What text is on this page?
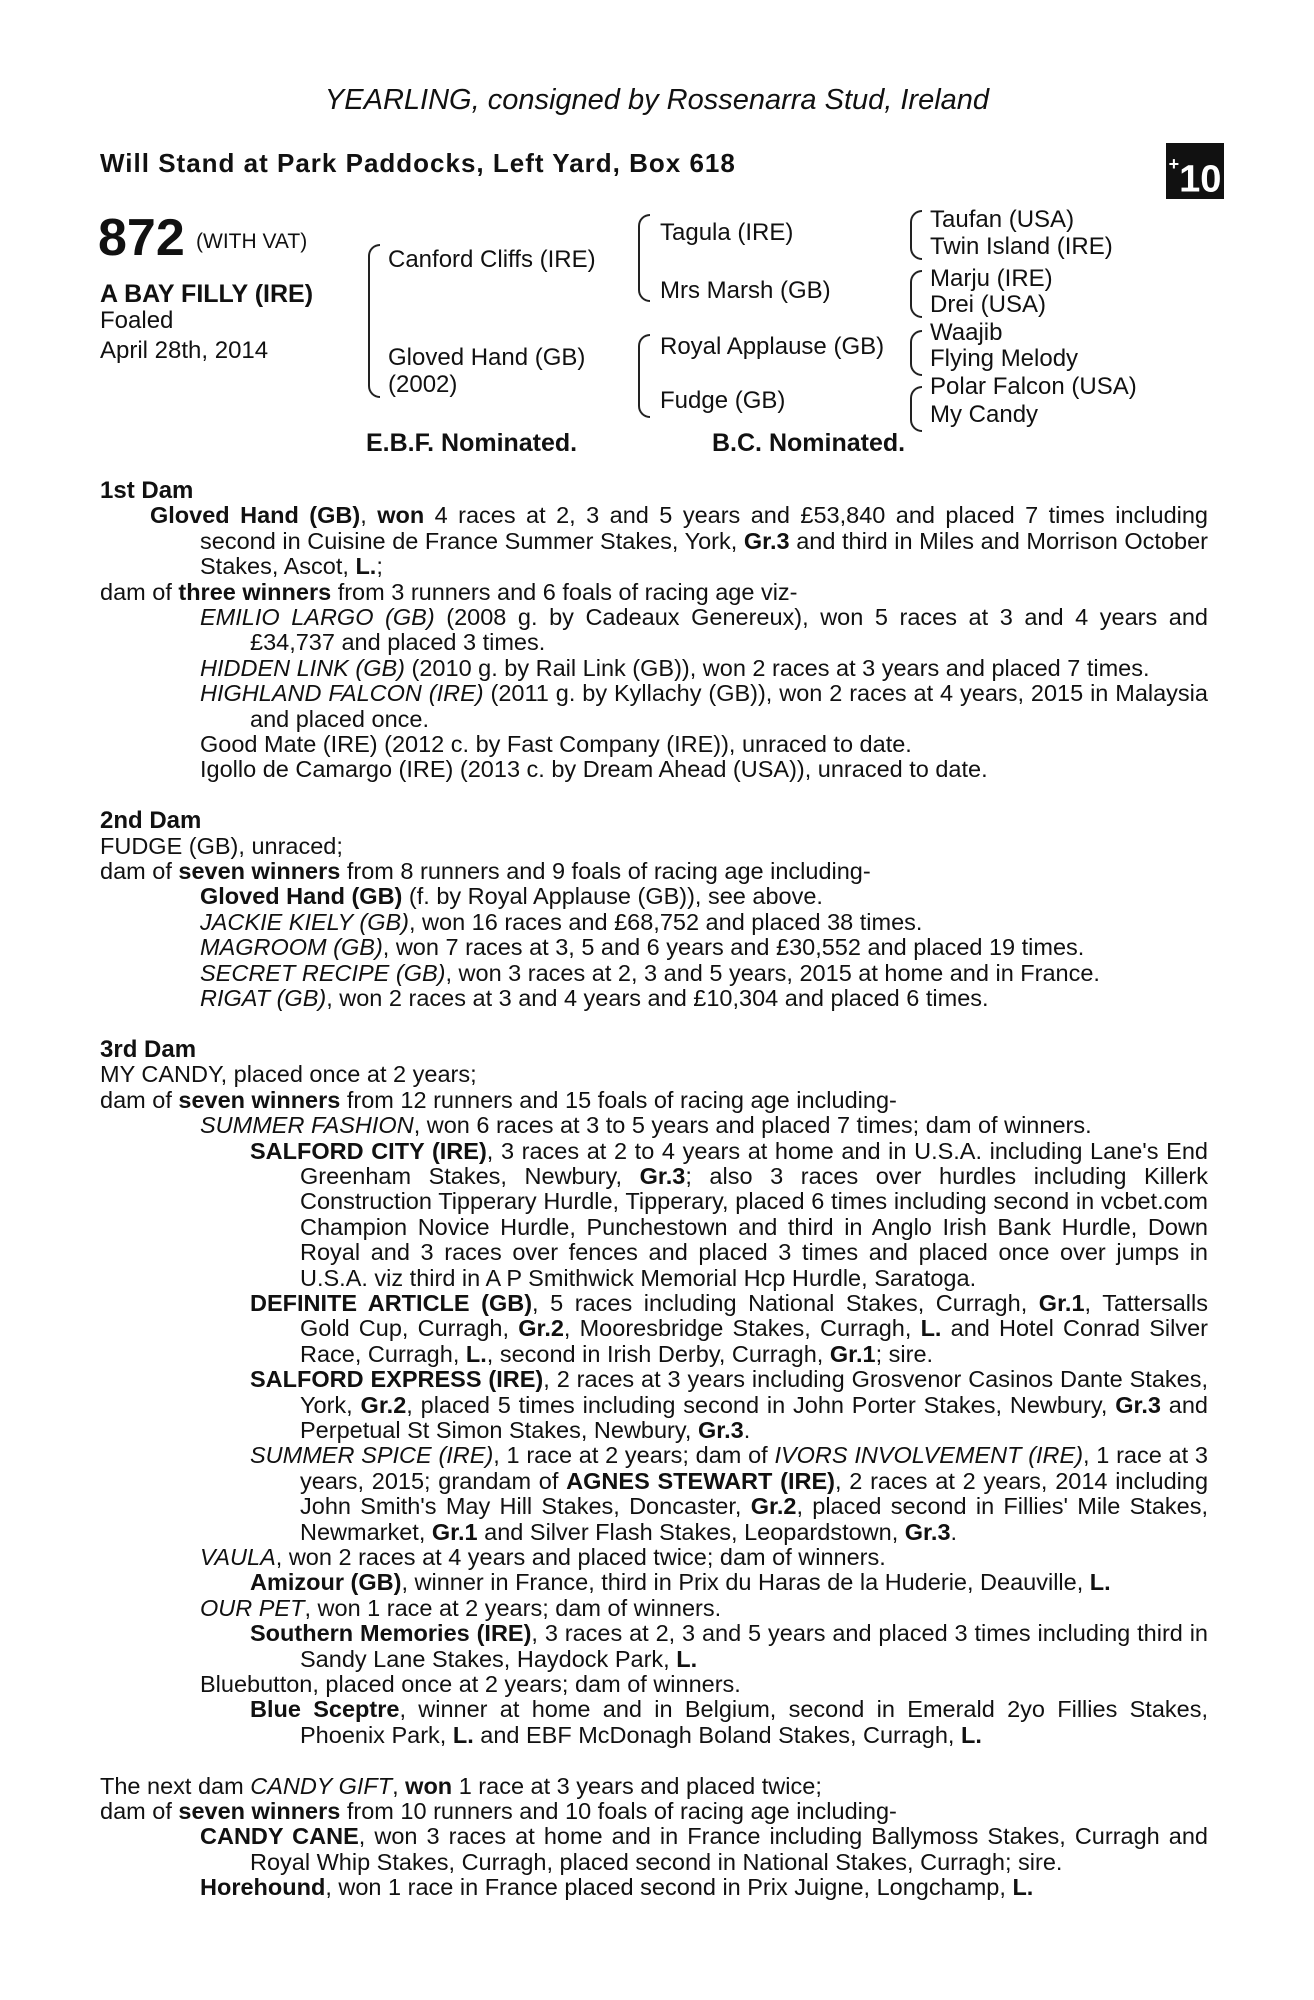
YEARLING, consigned by Rossenarra Stud, Ireland
Will Stand at Park Paddocks, Left Yard, Box 618	+10
872 (WITH VAT)
A BAY FILLY (IRE)
Foaled
April 28th, 2014
Canford Cliffs (IRE)
Gloved Hand (GB)
(2002)
Tagula (IRE)
Mrs Marsh (GB)
Royal Applause (GB)
Fudge (GB)
Taufan (USA)
Twin Island (IRE)
Marju (IRE)
Drei (USA)
Waajib
Flying Melody
Polar Falcon (USA)
My Candy
E.B.F. Nominated.	B.C. Nominated.

1st Dam

Gloved Hand (GB), won 4 races at 2, 3 and 5 years and £53,840 and placed 7 times including second in Cuisine de France Summer Stakes, York, Gr.3 and third in Miles and Morrison October Stakes, Ascot, L.;

dam of three winners from 3 runners and 6 foals of racing age viz-

EMILIO LARGO (GB) (2008 g. by Cadeaux Genereux), won 5 races at 3 and 4 years and £34,737 and placed 3 times.

HIDDEN LINK (GB) (2010 g. by Rail Link (GB)), won 2 races at 3 years and placed 7 times.

HIGHLAND FALCON (IRE) (2011 g. by Kyllachy (GB)), won 2 races at 4 years, 2015 in Malaysia and placed once.

Good Mate (IRE) (2012 c. by Fast Company (IRE)), unraced to date.

Igollo de Camargo (IRE) (2013 c. by Dream Ahead (USA)), unraced to date.

2nd Dam

FUDGE (GB), unraced;

dam of seven winners from 8 runners and 9 foals of racing age including-

Gloved Hand (GB) (f. by Royal Applause (GB)), see above.

JACKIE KIELY (GB), won 16 races and £68,752 and placed 38 times.

MAGROOM (GB), won 7 races at 3, 5 and 6 years and £30,552 and placed 19 times.

SECRET RECIPE (GB), won 3 races at 2, 3 and 5 years, 2015 at home and in France.

RIGAT (GB), won 2 races at 3 and 4 years and £10,304 and placed 6 times.

3rd Dam

MY CANDY, placed once at 2 years;

dam of seven winners from 12 runners and 15 foals of racing age including-

SUMMER FASHION, won 6 races at 3 to 5 years and placed 7 times; dam of winners.

SALFORD CITY (IRE), 3 races at 2 to 4 years at home and in U.S.A. including Lane's End Greenham Stakes, Newbury, Gr.3; also 3 races over hurdles including Killerk Construction Tipperary Hurdle, Tipperary, placed 6 times including second in vcbet.com Champion Novice Hurdle, Punchestown and third in Anglo Irish Bank Hurdle, Down Royal and 3 races over fences and placed 3 times and placed once over jumps in U.S.A. viz third in A P Smithwick Memorial Hcp Hurdle, Saratoga.

DEFINITE ARTICLE (GB), 5 races including National Stakes, Curragh, Gr.1, Tattersalls Gold Cup, Curragh, Gr.2, Mooresbridge Stakes, Curragh, L. and Hotel Conrad Silver Race, Curragh, L., second in Irish Derby, Curragh, Gr.1; sire.

SALFORD EXPRESS (IRE), 2 races at 3 years including Grosvenor Casinos Dante Stakes, York, Gr.2, placed 5 times including second in John Porter Stakes, Newbury, Gr.3 and Perpetual St Simon Stakes, Newbury, Gr.3.

SUMMER SPICE (IRE), 1 race at 2 years; dam of IVORS INVOLVEMENT (IRE), 1 race at 3 years, 2015; grandam of AGNES STEWART (IRE), 2 races at 2 years, 2014 including John Smith's May Hill Stakes, Doncaster, Gr.2, placed second in Fillies' Mile Stakes, Newmarket, Gr.1 and Silver Flash Stakes, Leopardstown, Gr.3.

VAULA, won 2 races at 4 years and placed twice; dam of winners.

Amizour (GB), winner in France, third in Prix du Haras de la Huderie, Deauville, L.

OUR PET, won 1 race at 2 years; dam of winners.

Southern Memories (IRE), 3 races at 2, 3 and 5 years and placed 3 times including third in Sandy Lane Stakes, Haydock Park, L.

Bluebutton, placed once at 2 years; dam of winners.

Blue Sceptre, winner at home and in Belgium, second in Emerald 2yo Fillies Stakes, Phoenix Park, L. and EBF McDonagh Boland Stakes, Curragh, L.

The next dam CANDY GIFT, won 1 race at 3 years and placed twice;

dam of seven winners from 10 runners and 10 foals of racing age including-

CANDY CANE, won 3 races at home and in France including Ballymoss Stakes, Curragh and Royal Whip Stakes, Curragh, placed second in National Stakes, Curragh; sire.

Horehound, won 1 race in France placed second in Prix Juigne, Longchamp, L.
